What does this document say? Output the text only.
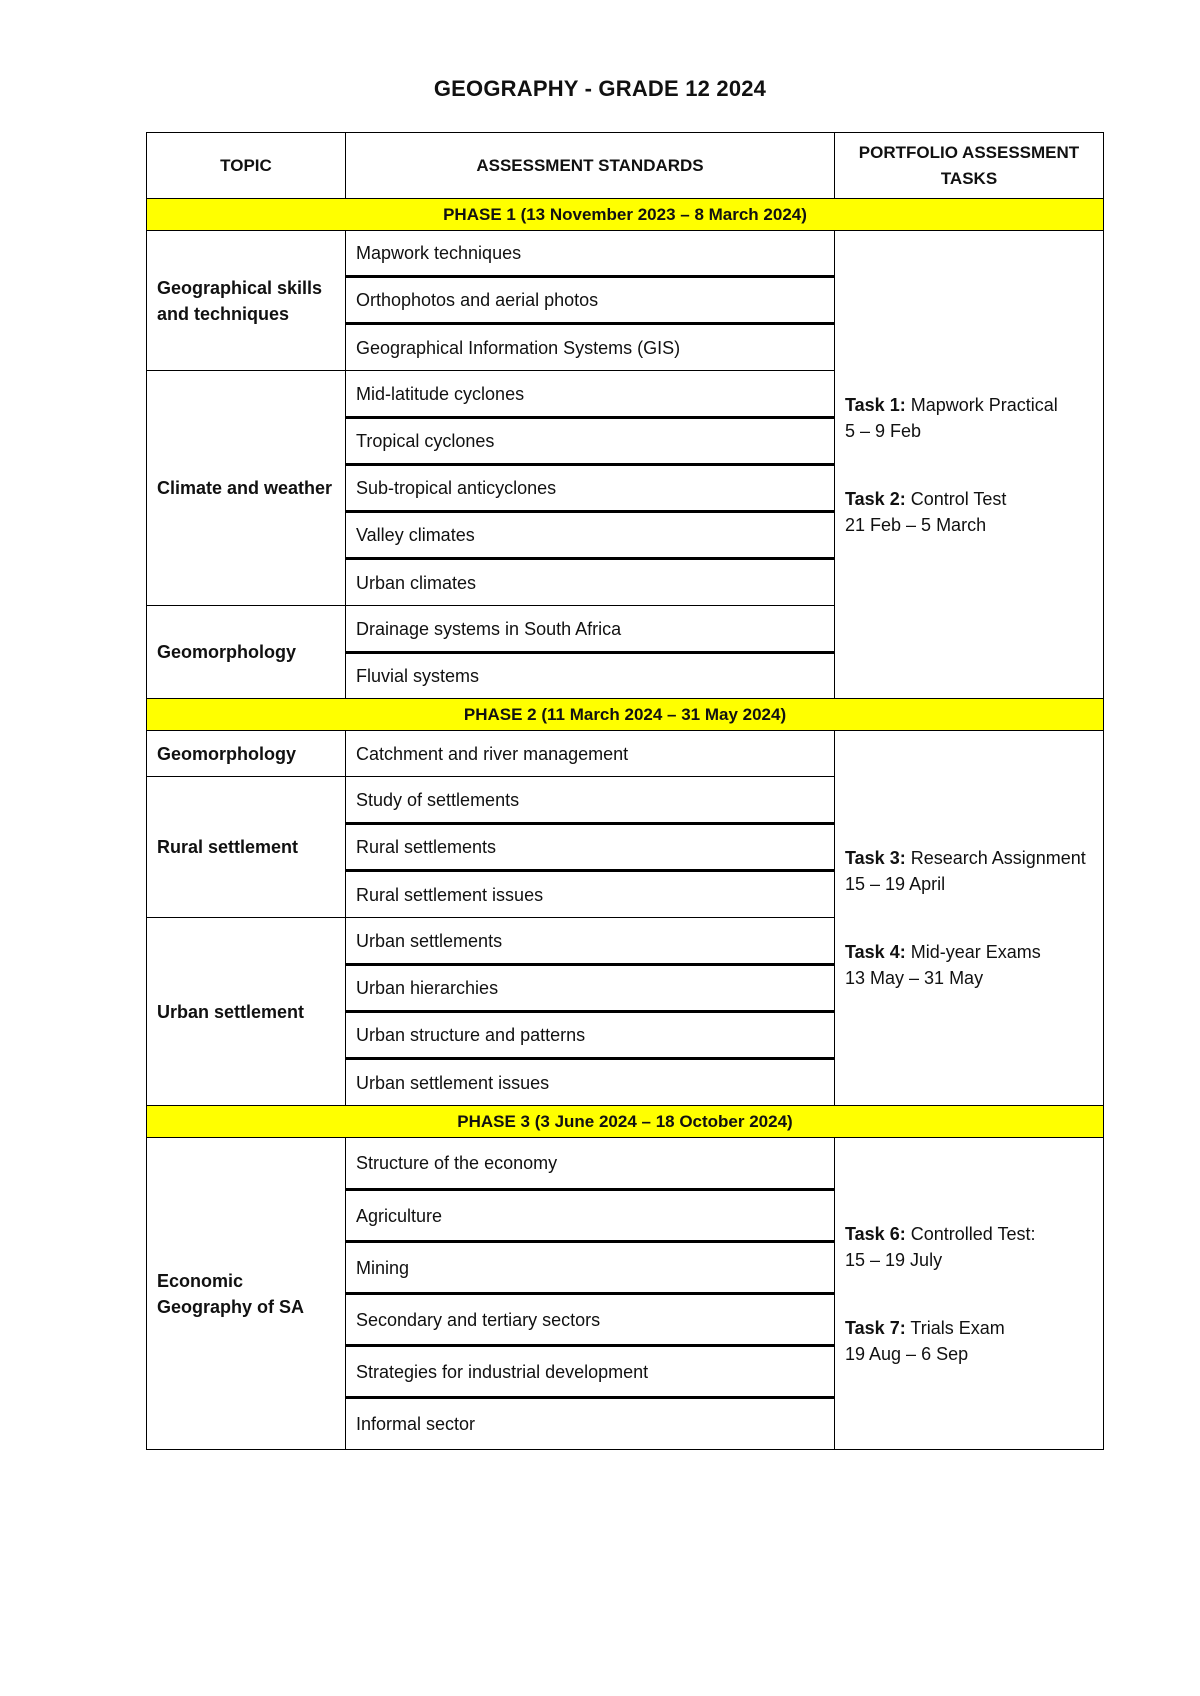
GEOGRAPHY - GRADE 12 2024
TOPIC	ASSESSMENT STANDARDS	PORTFOLIO ASSESSMENT TASKS
PHASE 1 (13 November 2023 – 8 March 2024)		
Geographical skills and techniques	Mapwork techniques	Task 1: Mapwork Practical
5 – 9 Feb

Task 2: Control Test
21 Feb – 5 March

	Orthophotos and aerial photos	
	Geographical Information Systems (GIS)	
Climate and weather	Mid-latitude cyclones	
	Tropical cyclones	
	Sub-tropical anticyclones	
	Valley climates	
	Urban climates	
Geomorphology	Drainage systems in South Africa	
	Fluvial systems	
PHASE 2 (11 March 2024 – 31 May 2024)		
Geomorphology	Catchment and river management	Task 3: Research Assignment
15 – 19 April

Task 4: Mid-year Exams
13 May – 31 May

Rural settlement	Study of settlements	
	Rural settlements	
	Rural settlement issues	
Urban settlement	Urban settlements	
	Urban hierarchies	
	Urban structure and patterns	
	Urban settlement issues	
PHASE 3 (3 June 2024 – 18 October 2024)		
Economic Geography of SA	Structure of the economy	Task 6: Controlled Test:
15 – 19 July

Task 7: Trials Exam
19 Aug – 6 Sep

	Agriculture	
	Mining	
	Secondary and tertiary sectors	
	Strategies for industrial development	
	Informal sector	
